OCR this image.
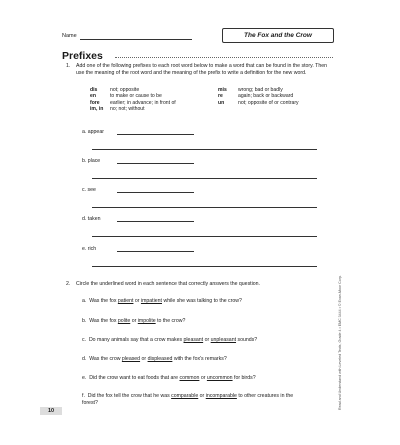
Name	The Fox and the Crow
Prefixes
1. Add one of the following prefixes to each root word below to make a word that can be found in the story. Then use the meaning of the root word and the meaning of the prefix to write a definition for the new word.
dis	not; opposite	mis	wrong; bad or badly
en	to make or cause to be	re	again; back or backward
fore	earlier; in advance; in front of	un	not; opposite of or contrary
im, in	no; not; without
a. appear
b. place
c. see
d. taken
e. rich
2. Circle the underlined word in each sentence that correctly answers the question.
a. Was the fox patient or impatient while she was talking to the crow?
b. Was the fox polite or impolite to the crow?
c. Do many animals say that a crow makes pleasant or unpleasant sounds?
d. Was the crow pleased or displeased with the fox's remarks?
e. Did the crow want to eat foods that are common or uncommon for birds?
f. Did the fox tell the crow that he was comparable or incomparable to other creatures in the forest?
10
Read and Understand with Leveled Texts, Grade 4 • EMC 3444 • © Evan-Moor Corp.
